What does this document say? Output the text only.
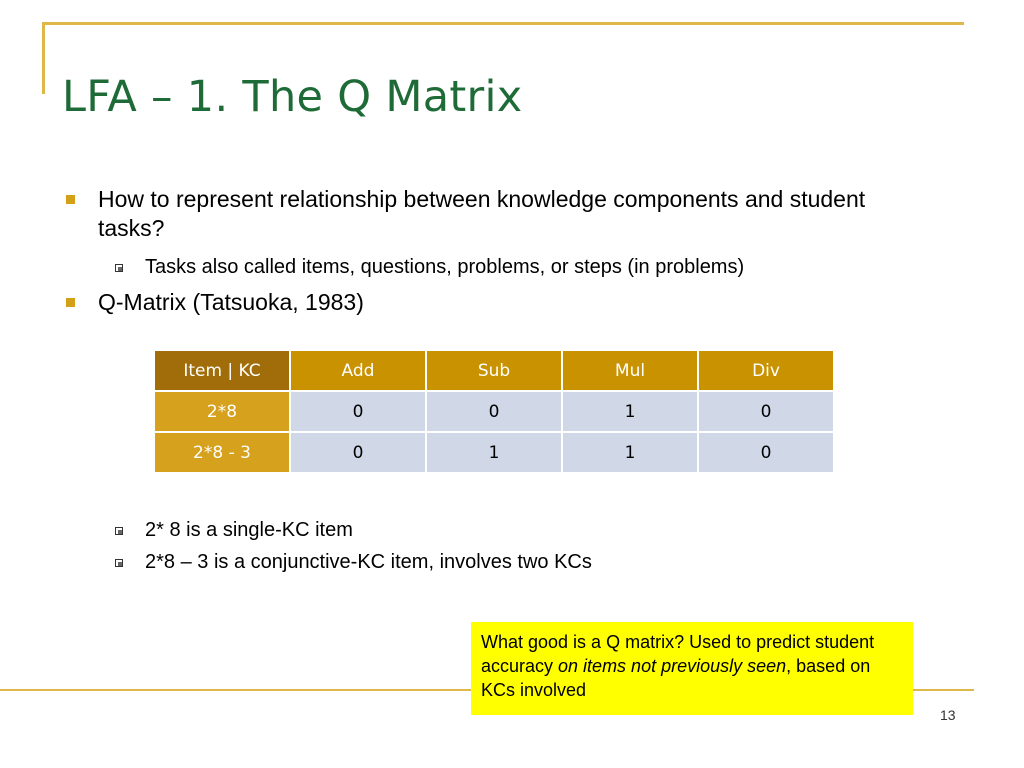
LFA – 1. The Q Matrix
How to represent relationship between knowledge components and student tasks?
Tasks also called items, questions, problems, or steps (in problems)
Q-Matrix (Tatsuoka, 1983)
Item | KC	Add	Sub	Mul	Div
2*8	0	0	1	0
2*8 - 3	0	1	1	0
2* 8 is a single-KC item
2*8 – 3 is a conjunctive-KC item, involves two KCs
What good is a Q matrix? Used to predict student accuracy on items not previously seen, based on KCs involved
13
